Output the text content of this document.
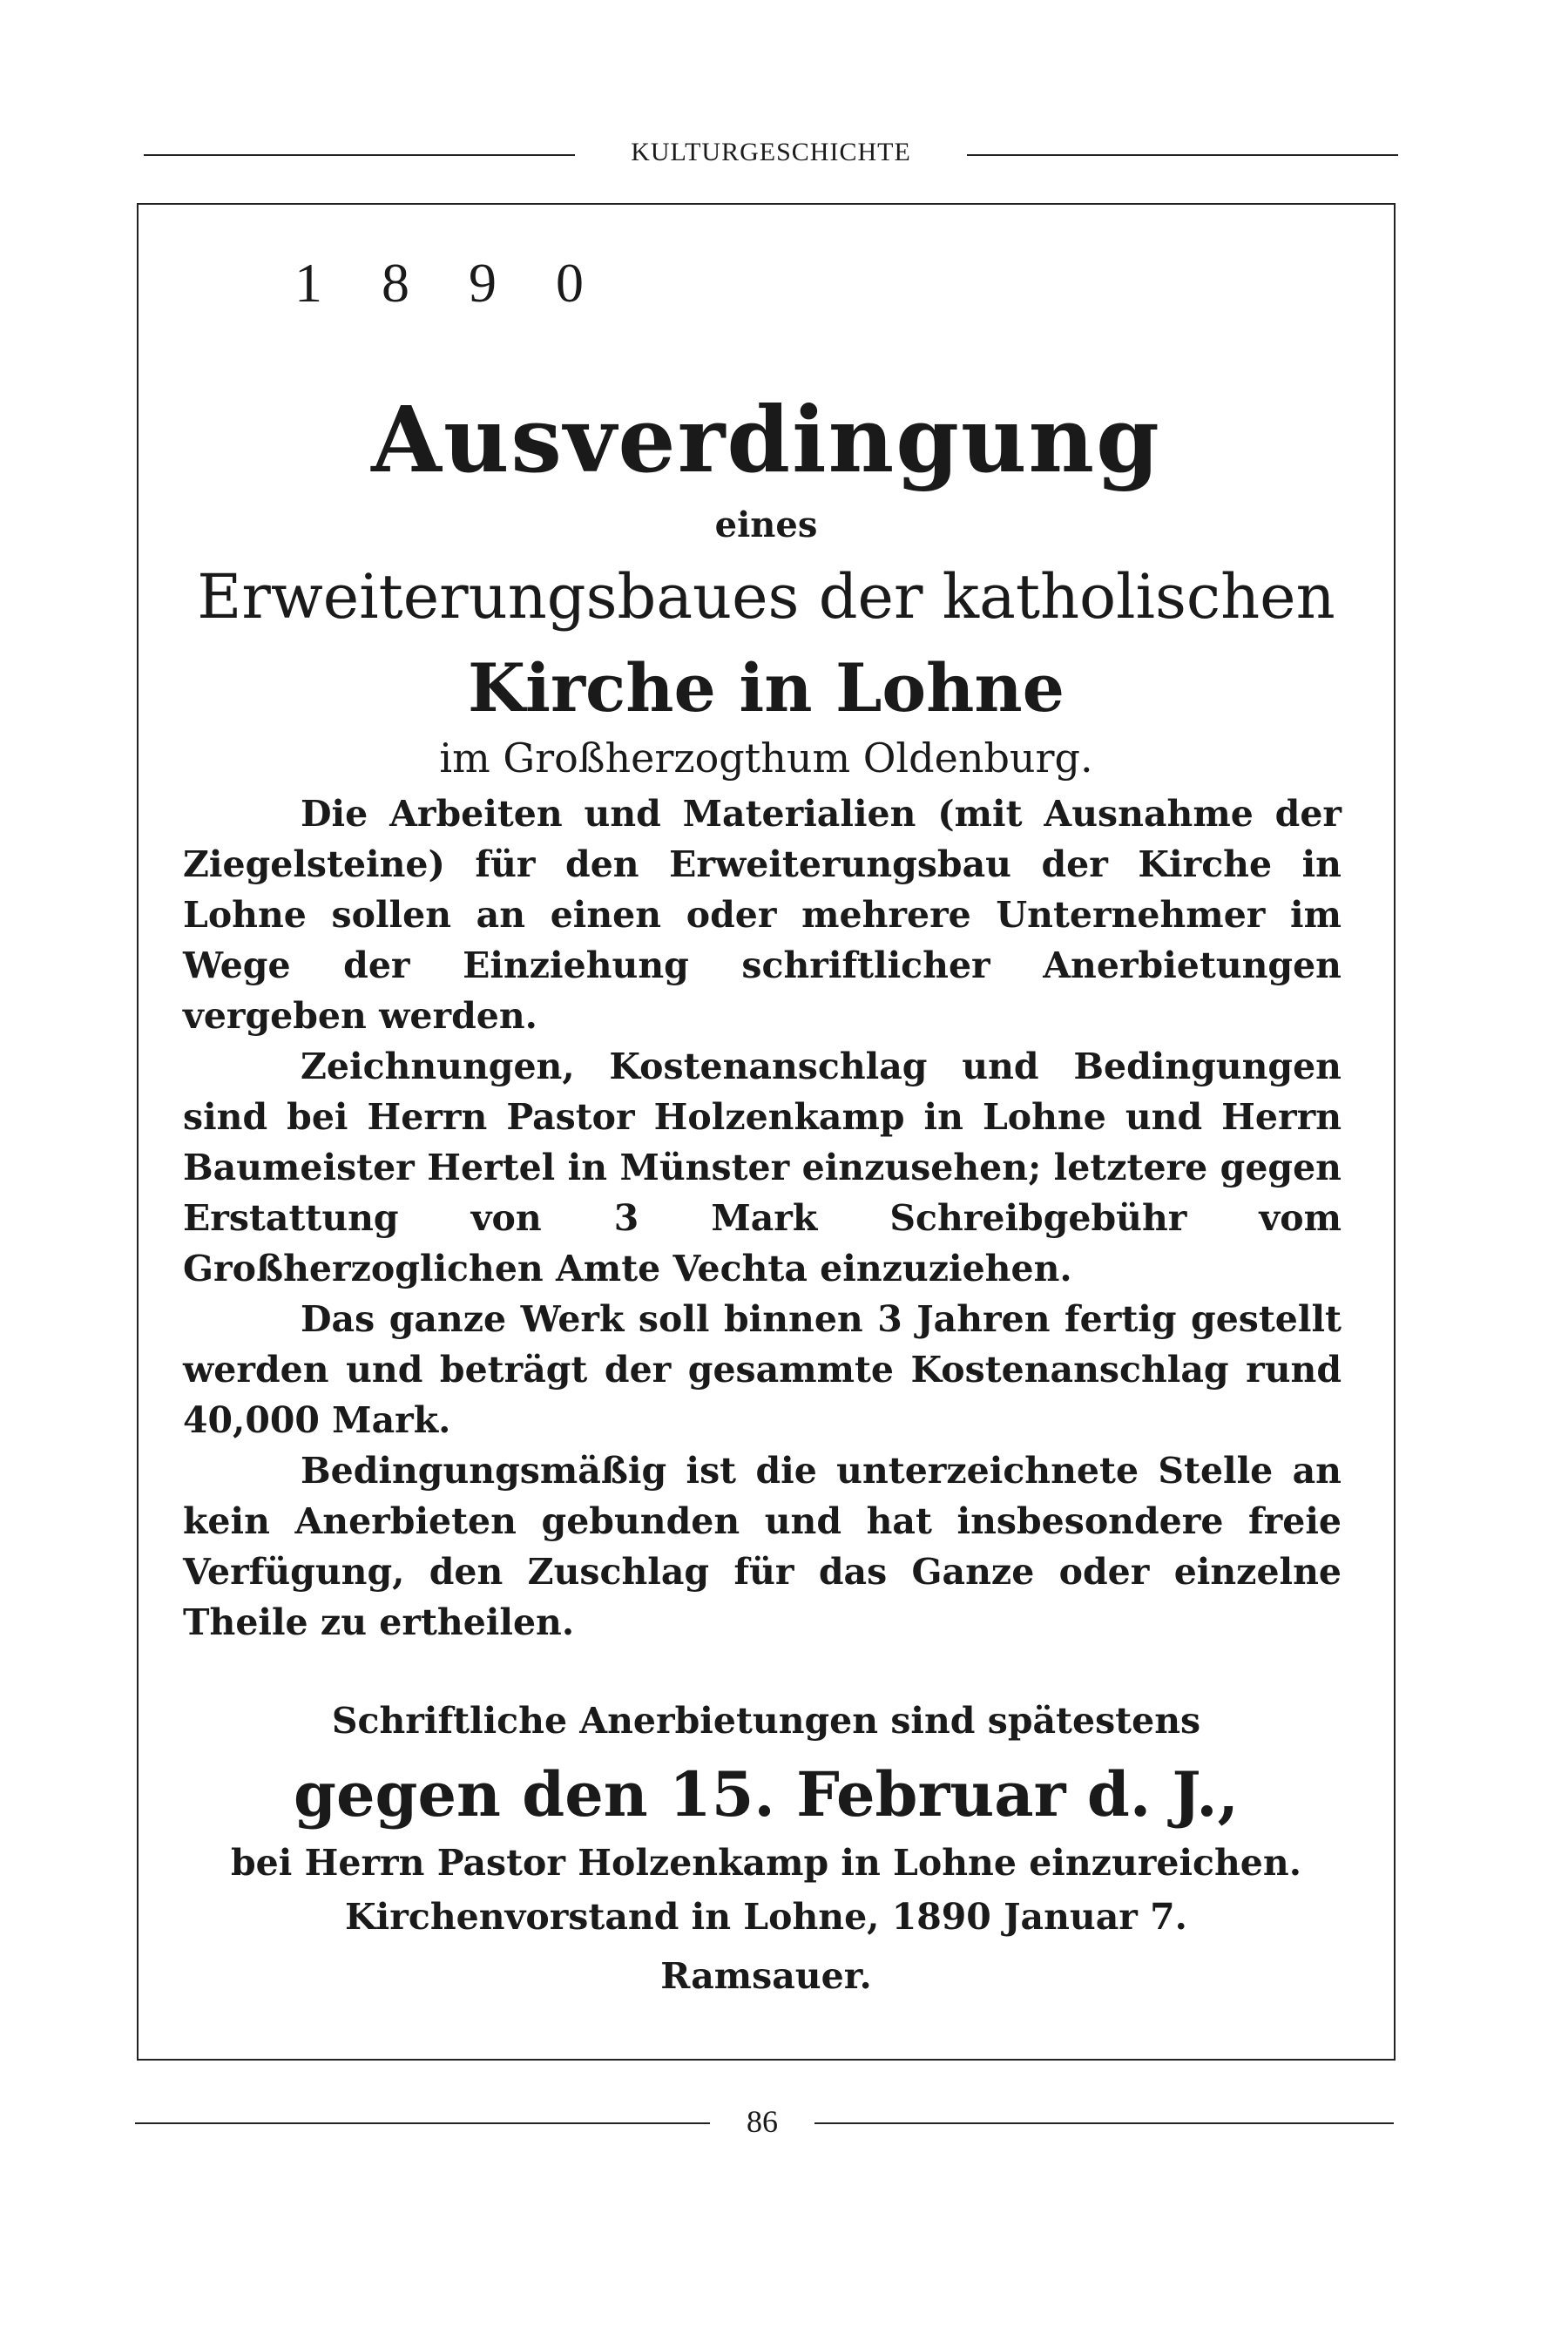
KULTURGESCHICHTE
1 8 9 0
Ausverdingung
eines
Erweiterungsbaues der katholischen
Kirche in Lohne
im Großherzogthum Oldenburg.

Die Arbeiten und Materialien (mit Ausnahme der Ziegelsteine) für den Erweiterungsbau der Kirche in Lohne sollen an einen oder mehrere Unternehmer im Wege der Einziehung schriftlicher Anerbietungen vergeben werden.

Zeichnungen, Kostenanschlag und Bedingungen sind bei Herrn Pastor Holzenkamp in Lohne und Herrn Baumeister Hertel in Münster einzusehen; letztere gegen Erstattung von 3 Mark Schreibgebühr vom Großherzoglichen Amte Vechta einzuziehen.

Das ganze Werk soll binnen 3 Jahren fertig gestellt werden und beträgt der gesammte Kostenanschlag rund 40,000 Mark.

Bedingungsmäßig ist die unterzeichnete Stelle an kein Anerbieten gebunden und hat insbesondere freie Verfügung, den Zuschlag für das Ganze oder einzelne Theile zu ertheilen.

Schriftliche Anerbietungen sind spätestens
gegen den 15. Februar d. J.,
bei Herrn Pastor Holzenkamp in Lohne einzureichen.
Kirchenvorstand in Lohne, 1890 Januar 7.
Ramsauer.
86
